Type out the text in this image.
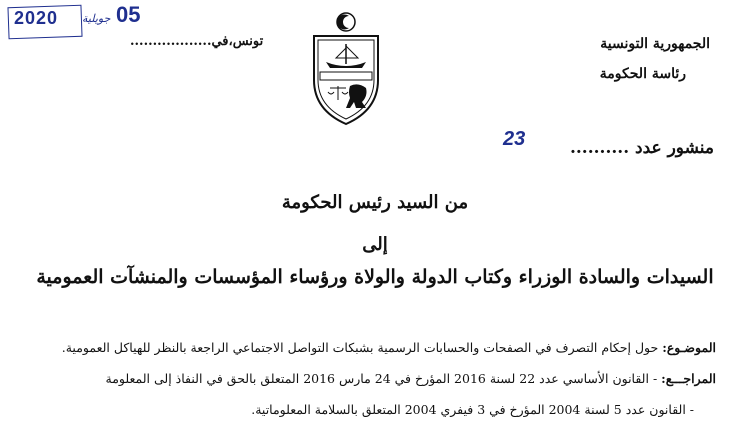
2020 جويلية 05
تونس،في..................	الجمهورية التونسية
رئاسة الحكومة
منشور عدد ..........
23
من السيد رئيس الحكومة
إلى
السيدات والسادة الوزراء وكتاب الدولة والولاة ورؤساء المؤسسات والمنشآت العمومية
الموضـوع: حول إحكام التصرف في الصفحات والحسابات الرسمية بشبكات التواصل الاجتماعي الراجعة بالنظر للهياكل العمومية.
المراجـــع: - القانون الأساسي عدد 22 لسنة 2016 المؤرخ في 24 مارس 2016 المتعلق بالحق في النفاذ إلى المعلومة
- القانون عدد 5 لسنة 2004 المؤرخ في 3 فيفري 2004 المتعلق بالسلامة المعلوماتية.
